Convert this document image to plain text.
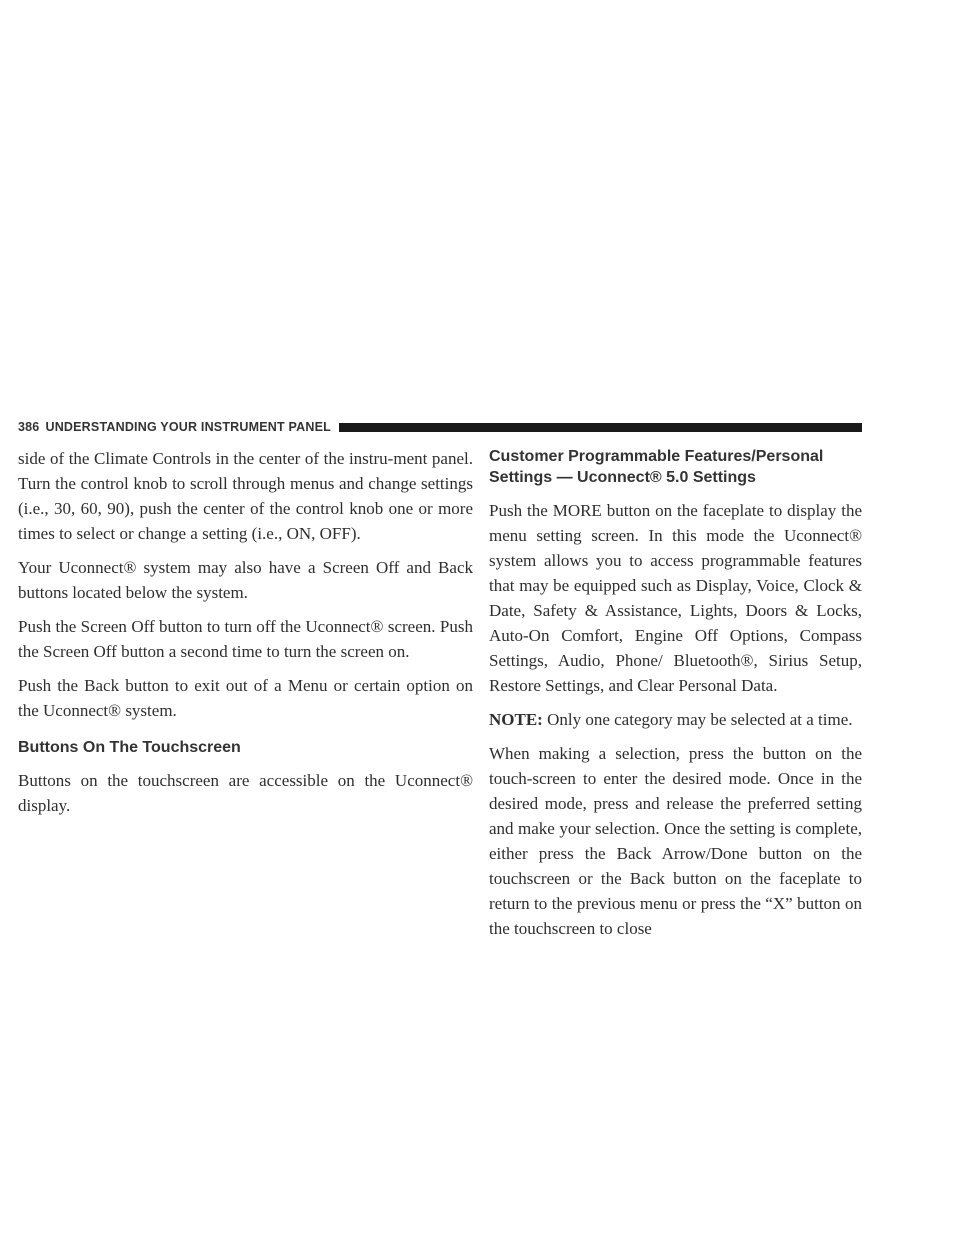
386 UNDERSTANDING YOUR INSTRUMENT PANEL

side of the Climate Controls in the center of the instru-ment panel. Turn the control knob to scroll through menus and change settings (i.e., 30, 60, 90), push the center of the control knob one or more times to select or change a setting (i.e., ON, OFF).

Your Uconnect® system may also have a Screen Off and Back buttons located below the system.

Push the Screen Off button to turn off the Uconnect® screen. Push the Screen Off button a second time to turn the screen on.

Push the Back button to exit out of a Menu or certain option on the Uconnect® system.

Buttons On The Touchscreen

Buttons on the touchscreen are accessible on the Uconnect® display.

Customer Programmable Features/Personal Settings — Uconnect® 5.0 Settings

Push the MORE button on the faceplate to display the menu setting screen. In this mode the Uconnect® system allows you to access programmable features that may be equipped such as Display, Voice, Clock & Date, Safety & Assistance, Lights, Doors & Locks, Auto-On Comfort, Engine Off Options, Compass Settings, Audio, Phone/ Bluetooth®, Sirius Setup, Restore Settings, and Clear Personal Data.

NOTE: Only one category may be selected at a time.

When making a selection, press the button on the touch-screen to enter the desired mode. Once in the desired mode, press and release the preferred setting and make your selection. Once the setting is complete, either press the Back Arrow/Done button on the touchscreen or the Back button on the faceplate to return to the previous menu or press the “X” button on the touchscreen to close
